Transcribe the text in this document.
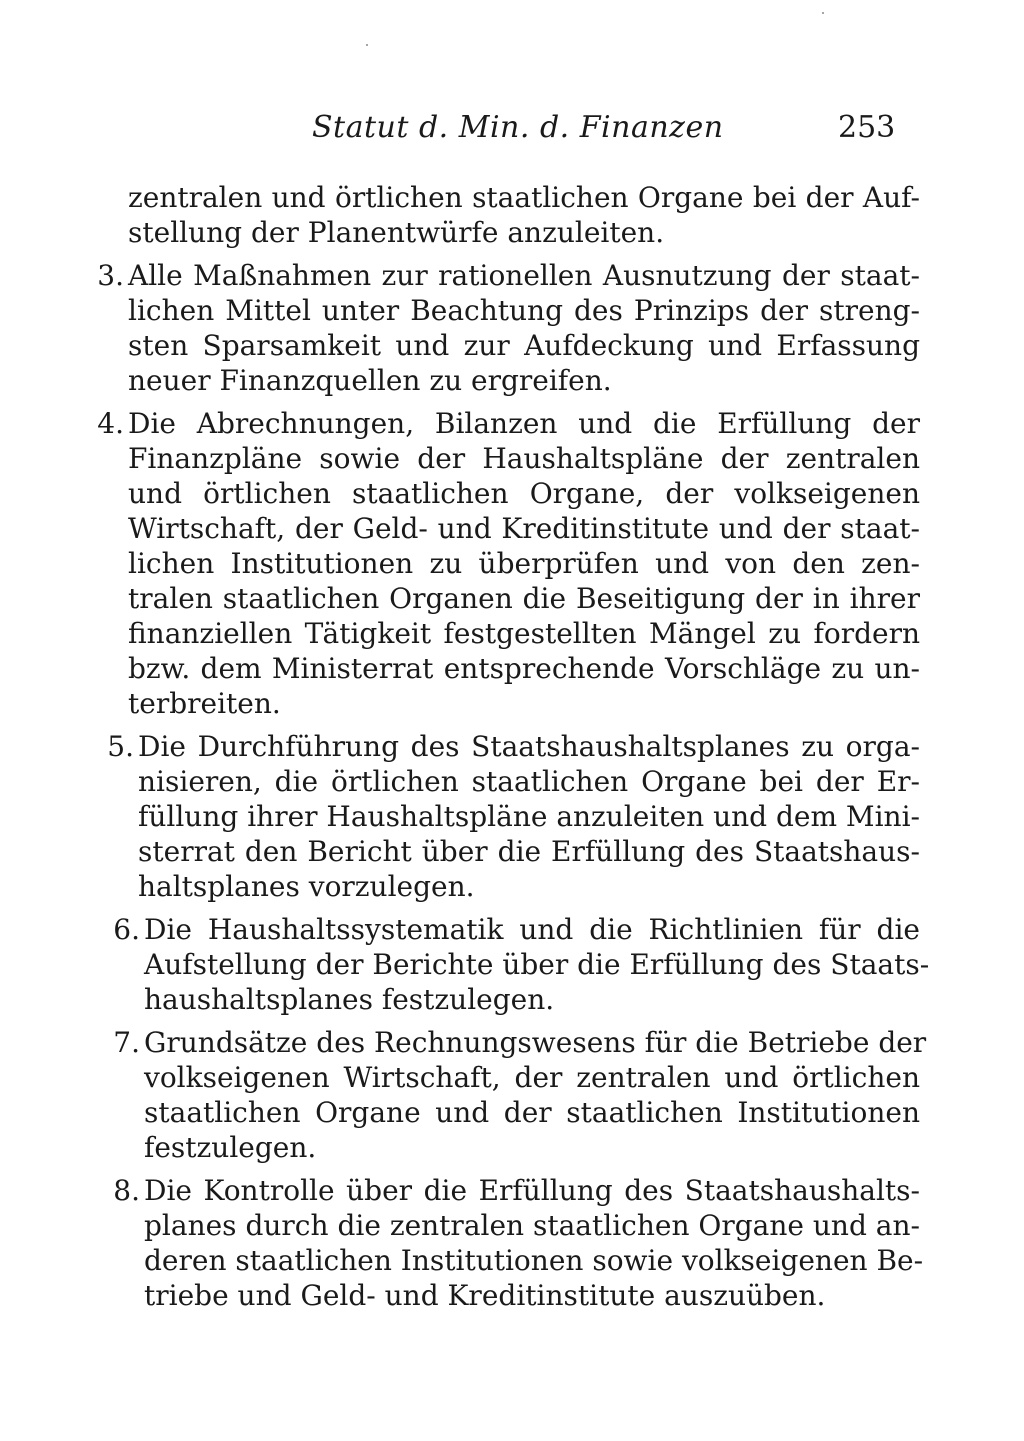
Statut d. Min. d. Finanzen	253
zentralen und örtlichen staatlichen Organe bei der Auf-
stellung der Planentwürfe anzuleiten.
3. Alle Maßnahmen zur rationellen Ausnutzung der staat-
lichen Mittel unter Beachtung des Prinzips der streng-
sten Sparsamkeit und zur Aufdeckung und Erfassung
neuer Finanzquellen zu ergreifen.
4. Die Abrechnungen, Bilanzen und die Erfüllung der
Finanzpläne sowie der Haushaltspläne der zentralen
und örtlichen staatlichen Organe, der volkseigenen
Wirtschaft, der Geld- und Kreditinstitute und der staat-
lichen Institutionen zu überprüfen und von den zen-
tralen staatlichen Organen die Beseitigung der in ihrer
finanziellen Tätigkeit festgestellten Mängel zu fordern
bzw. dem Ministerrat entsprechende Vorschläge zu un-
terbreiten.
5. Die Durchführung des Staatshaushaltsplanes zu orga-
nisieren, die örtlichen staatlichen Organe bei der Er-
füllung ihrer Haushaltspläne anzuleiten und dem Mini-
sterrat den Bericht über die Erfüllung des Staatshaus-
haltsplanes vorzulegen.
6. Die Haushaltssystematik und die Richtlinien für die
Aufstellung der Berichte über die Erfüllung des Staats-
haushaltsplanes festzulegen.
7. Grundsätze des Rechnungswesens für die Betriebe der
volkseigenen Wirtschaft, der zentralen und örtlichen
staatlichen Organe und der staatlichen Institutionen
festzulegen.
8. Die Kontrolle über die Erfüllung des Staatshaushalts-
planes durch die zentralen staatlichen Organe und an-
deren staatlichen Institutionen sowie volkseigenen Be-
triebe und Geld- und Kreditinstitute auszuüben.
